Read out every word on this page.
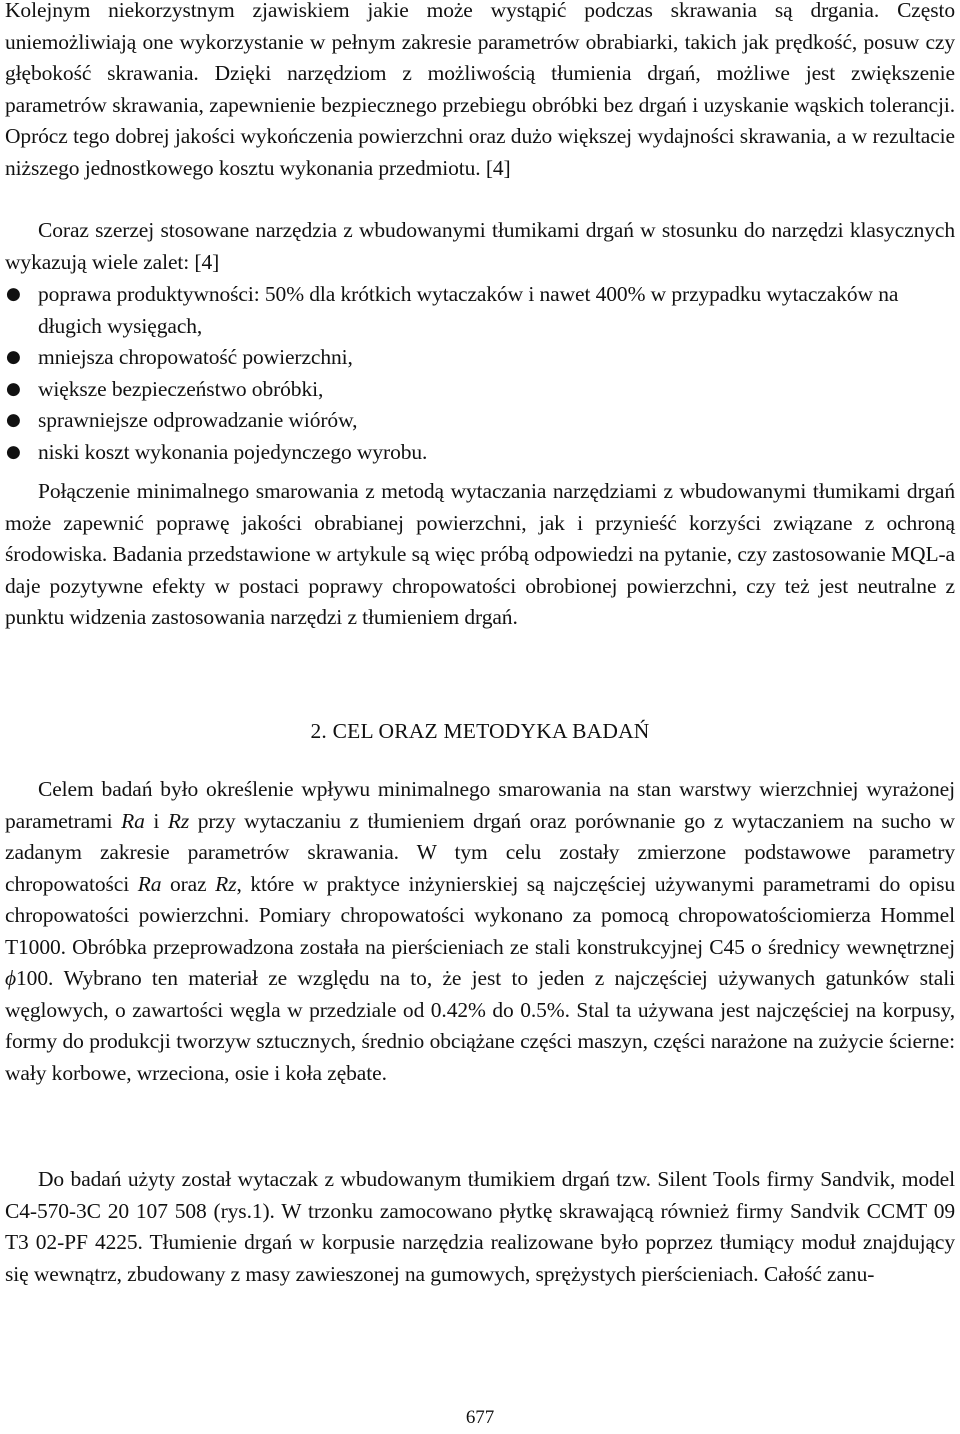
Kolejnym niekorzystnym zjawiskiem jakie może wystąpić podczas skrawania są drgania. Często uniemożliwiają one wykorzystanie w pełnym zakresie parametrów obrabiarki, takich jak prędkość, posuw czy głębokość skrawania. Dzięki narzędziom z możliwością tłumienia drgań, możliwe jest zwiększenie parametrów skrawania, zapewnienie bezpiecznego przebiegu obróbki bez drgań i uzyskanie wąskich tolerancji. Oprócz tego dobrej jakości wykończenia powierzchni oraz dużo większej wydajności skrawania, a w rezultacie niższego jednostkowego kosztu wykonania przedmiotu. [4]

Coraz szerzej stosowane narzędzia z wbudowanymi tłumikami drgań w stosunku do narzędzi klasycznych wykazują wiele zalet: [4]

● poprawa produktywności: 50% dla krótkich wytaczaków i nawet 400% w przypadku wytaczaków na długich wysięgach,
● mniejsza chropowatość powierzchni,
● większe bezpieczeństwo obróbki,
● sprawniejsze odprowadzanie wiórów,
● niski koszt wykonania pojedynczego wyrobu.

Połączenie minimalnego smarowania z metodą wytaczania narzędziami z wbudowanymi tłumikami drgań może zapewnić poprawę jakości obrabianej powierzchni, jak i przynieść korzyści związane z ochroną środowiska. Badania przedstawione w artykule są więc próbą odpowiedzi na pytanie, czy zastosowanie MQL-a daje pozytywne efekty w postaci poprawy chropowatości obrobionej powierzchni, czy też jest neutralne z punktu widzenia zastosowania narzędzi z tłumieniem drgań.

2. CEL ORAZ METODYKA BADAŃ

Celem badań było określenie wpływu minimalnego smarowania na stan warstwy wierzchniej wyrażonej parametrami Ra i Rz przy wytaczaniu z tłumieniem drgań oraz porównanie go z wytaczaniem na sucho w zadanym zakresie parametrów skrawania. W tym celu zostały zmierzone podstawowe parametry chropowatości Ra oraz Rz, które w praktyce inżynierskiej są najczęściej używanymi parametrami do opisu chropowatości powierzchni. Pomiary chropowatości wykonano za pomocą chropowatościomierza Hommel T1000. Obróbka przeprowadzona została na pierścieniach ze stali konstrukcyjnej C45 o średnicy wewnętrznej ϕ100. Wybrano ten materiał ze względu na to, że jest to jeden z najczęściej używanych gatunków stali węglowych, o zawartości węgla w przedziale od 0.42% do 0.5%. Stal ta używana jest najczęściej na korpusy, formy do produkcji tworzyw sztucznych, średnio obciążane części maszyn, części narażone na zużycie ścierne: wały korbowe, wrzeciona, osie i koła zębate.

Do badań użyty został wytaczak z wbudowanym tłumikiem drgań tzw. Silent Tools firmy Sandvik, model C4-570-3C 20 107 508 (rys.1). W trzonku zamocowano płytkę skrawającą również firmy Sandvik CCMT 09 T3 02-PF 4225. Tłumienie drgań w korpusie narzędzia realizowane było poprzez tłumiący moduł znajdujący się wewnątrz, zbudowany z masy zawieszonej na gumowych, sprężystych pierścieniach. Całość zanu-

677
